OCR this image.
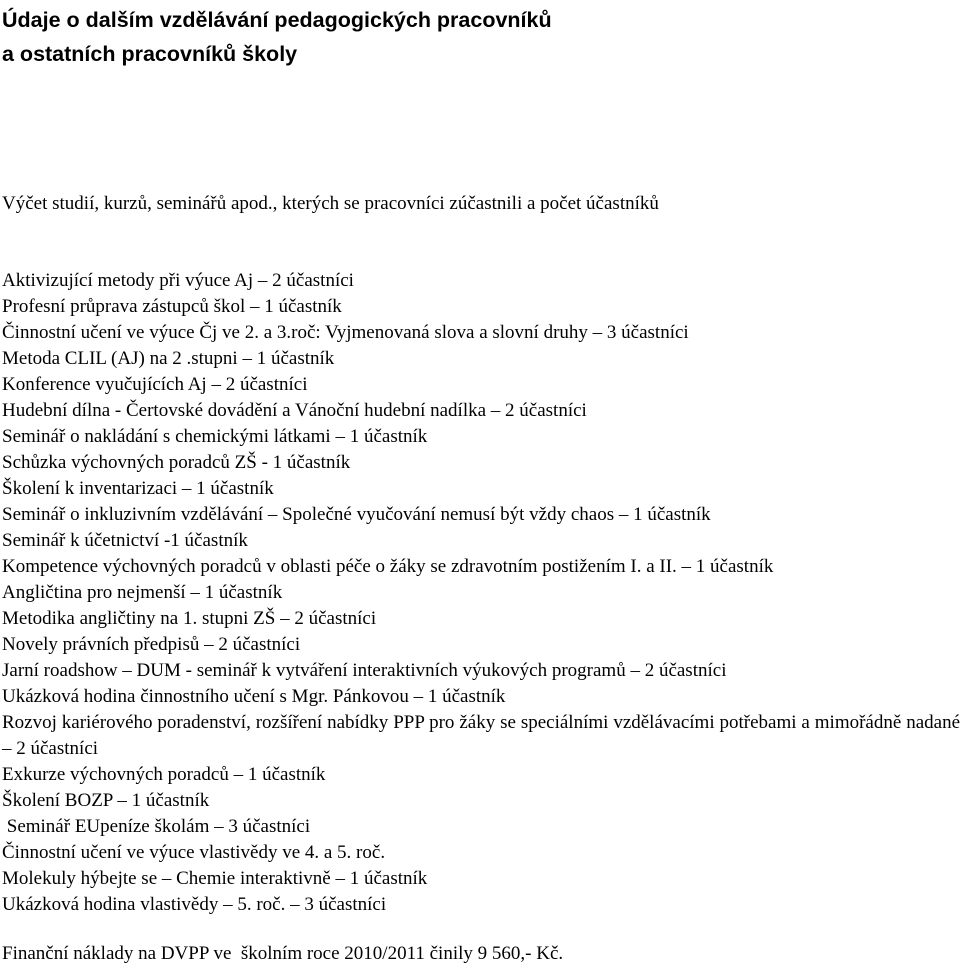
Údaje o dalším vzdělávání pedagogických pracovníků
a ostatních pracovníků školy

Výčet studií, kurzů, seminářů apod., kterých se pracovníci zúčastnili a počet účastníků

Aktivizující metody při výuce Aj – 2 účastníci
Profesní průprava zástupců škol – 1 účastník
Činnostní učení ve výuce Čj ve 2. a 3.roč: Vyjmenovaná slova a slovní druhy – 3 účastníci
Metoda CLIL (AJ) na 2 .stupni – 1 účastník
Konference vyučujících Aj – 2 účastníci
Hudební dílna - Čertovské dovádění a Vánoční hudební nadílka – 2 účastníci
Seminář o nakládání s chemickými látkami – 1 účastník
Schůzka výchovných poradců ZŠ - 1 účastník
Školení k inventarizaci – 1 účastník
Seminář o inkluzivním vzdělávání – Společné vyučování nemusí být vždy chaos – 1 účastník
Seminář k účetnictví -1 účastník
Kompetence výchovných poradců v oblasti péče o žáky se zdravotním postižením I. a II. – 1 účastník
Angličtina pro nejmenší – 1 účastník
Metodika angličtiny na 1. stupni ZŠ – 2 účastníci
Novely právních předpisů – 2 účastníci
Jarní roadshow – DUM - seminář k vytváření interaktivních výukových programů – 2 účastníci
Ukázková hodina činnostního učení s Mgr. Pánkovou – 1 účastník
Rozvoj kariérového poradenství, rozšíření nabídky PPP pro žáky se speciálními vzdělávacími potřebami a mimořádně nadané – 2 účastníci
Exkurze výchovných poradců – 1 účastník
Školení BOZP – 1 účastník
Seminář EUpeníze školám – 3 účastníci
Činnostní učení ve výuce vlastivědy ve 4. a 5. roč.
Molekuly hýbejte se – Chemie interaktivně – 1 účastník
Ukázková hodina vlastivědy – 5. roč. – 3 účastníci

Finanční náklady na DVPP ve  školním roce 2010/2011 činily 9 560,- Kč.
